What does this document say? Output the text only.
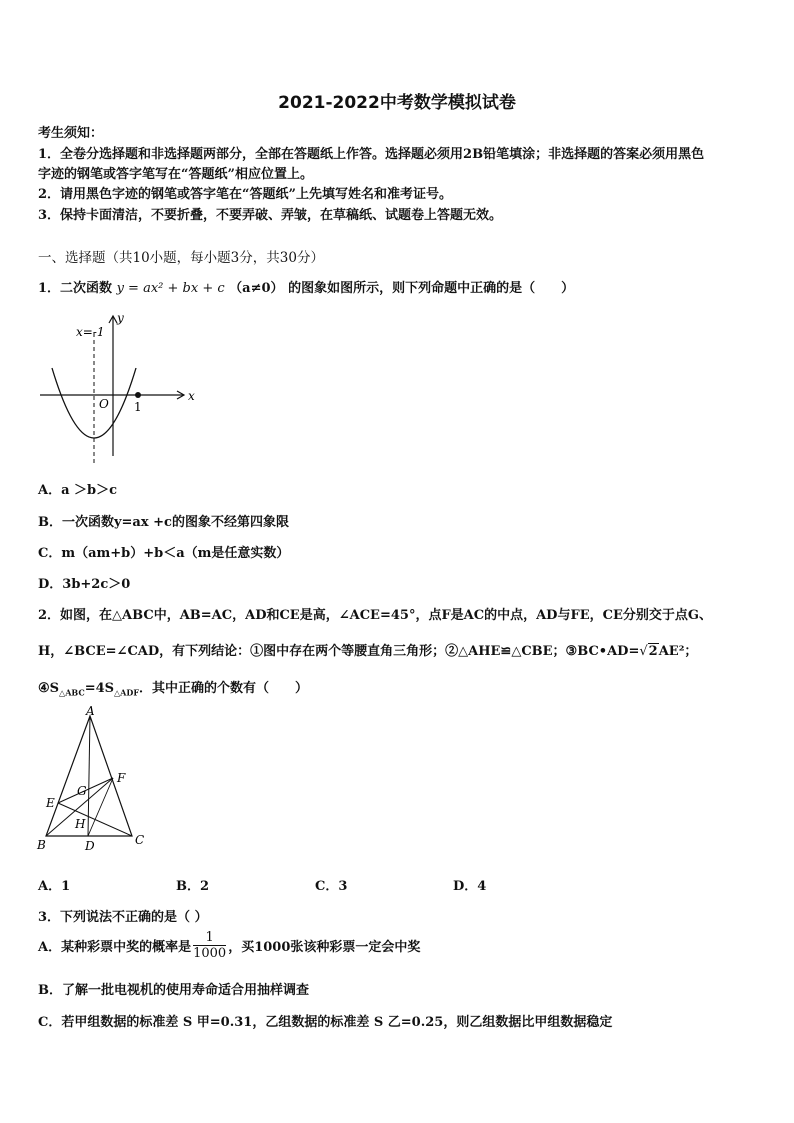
2021-2022中考数学模拟试卷
考生须知：
1．全卷分选择题和非选择题两部分，全部在答题纸上作答。选择题必须用2B铅笔填涂；非选择题的答案必须用黑色
字迹的钢笔或答字笔写在“答题纸”相应位置上。
2．请用黑色字迹的钢笔或答字笔在“答题纸”上先填写姓名和准考证号。
3．保持卡面清洁，不要折叠，不要弄破、弄皱，在草稿纸、试题卷上答题无效。
一、选择题（共10小题，每小题3分，共30分）
1．二次函数 y = ax² + bx + c （a≠0） 的图象如图所示，则下列命题中正确的是（　　）
x=-1
y
x
O 1
A．a ＞b＞c
B．一次函数y=ax +c的图象不经第四象限
C．m（am+b）+b＜a（m是任意实数）
D．3b+2c＞0
2．如图，在△ABC中，AB=AC，AD和CE是高，∠ACE=45°，点F是AC的中点，AD与FE，CE分别交于点G、
H，∠BCE=∠CAD，有下列结论：①图中存在两个等腰直角三角形；②△AHE≌△CBE；③BC•AD=√2AE²；
$④S_{\triangle ABC}=4S_{\triangle ADF}$．其中正确的个数有（　　）
A
B	C
D
E
F
G
H
A．1	B．2	C．3	D．4
3．下列说法不正确的是（ ）
A．某种彩票中奖的概率是 $\frac{1}{1000}$ ，买1000张该种彩票一定会中奖
B．了解一批电视机的使用寿命适合用抽样调查
C．若甲组数据的标准差 S 甲=0.31，乙组数据的标准差 S 乙=0.25，则乙组数据比甲组数据稳定
